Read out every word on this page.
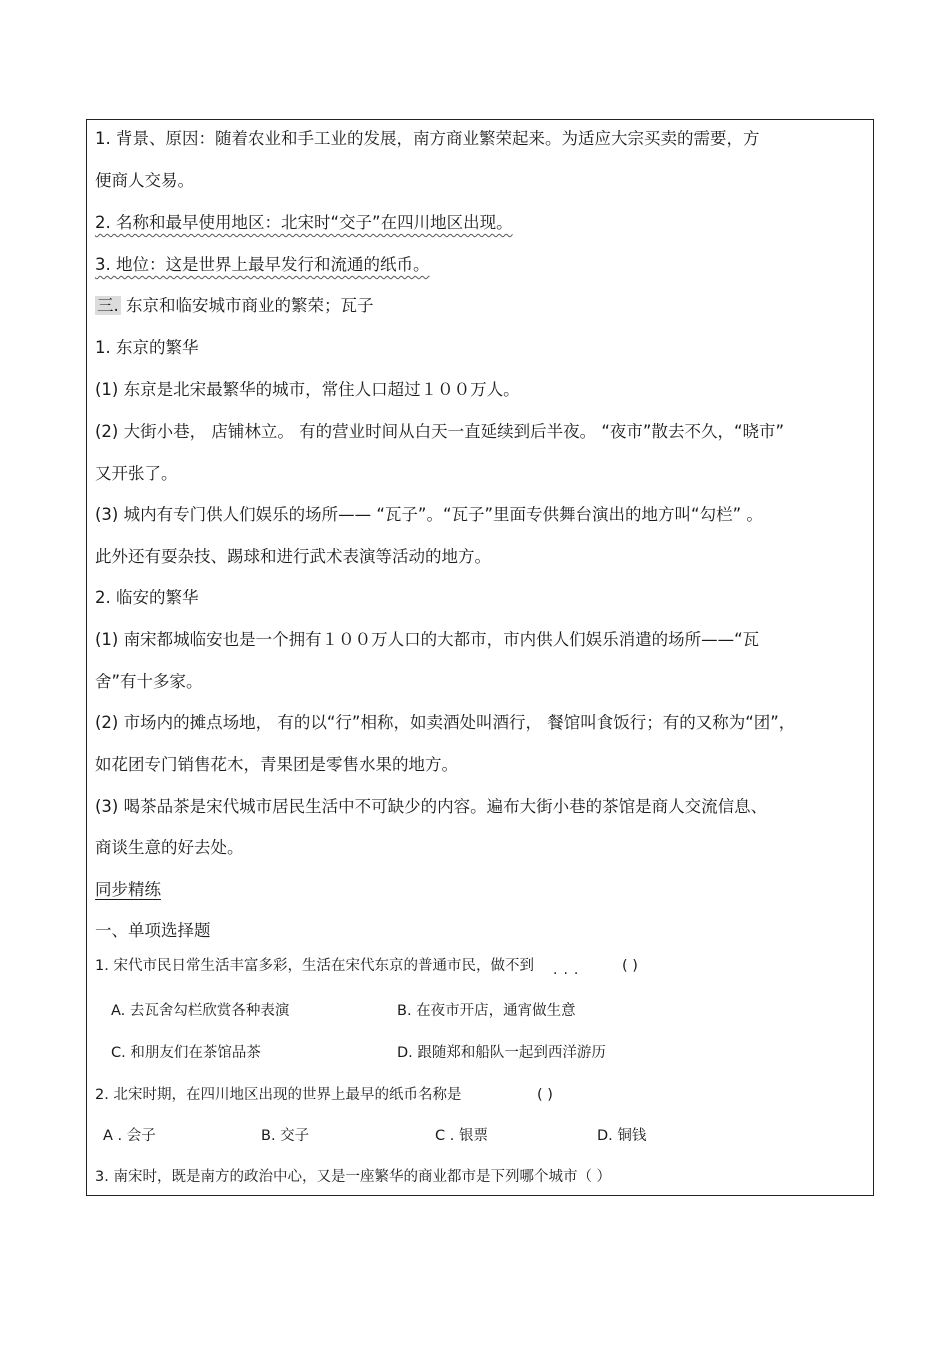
1. 背景、原因：随着农业和手工业的发展，南方商业繁荣起来。为适应大宗买卖的需要，方
便商人交易。
2. 名称和最早使用地区：北宋时“交子”在四川地区出现。
3. 地位：这是世界上最早发行和流通的纸币。
三. 东京和临安城市商业的繁荣；瓦子
1. 东京的繁华
(1) 东京是北宋最繁华的城市，常住人口超过１００万人。
(2) 大街小巷， 店铺林立。 有的营业时间从白天一直延续到后半夜。 “夜市”散去不久，“晓市”
又开张了。
(3) 城内有专门供人们娱乐的场所—— “瓦子”。“瓦子”里面专供舞台演出的地方叫“勾栏” 。
此外还有耍杂技、踢球和进行武术表演等活动的地方。
2. 临安的繁华
(1) 南宋都城临安也是一个拥有１００万人口的大都市，市内供人们娱乐消遣的场所——“瓦
舍”有十多家。
(2) 市场内的摊点场地， 有的以“行”相称，如卖酒处叫酒行， 餐馆叫食饭行；有的又称为“团”，
如花团专门销售花木，青果团是零售水果的地方。
(3) 喝茶品茶是宋代城市居民生活中不可缺少的内容。遍布大街小巷的茶馆是商人交流信息、
商谈生意的好去处。
同步精练
一、单项选择题
1. 宋代市民日常生活丰富多彩，生活在宋代东京的普通市民，做不到 ...	( )
A. 去瓦舍勾栏欣赏各种表演	B. 在夜市开店，通宵做生意
C. 和朋友们在茶馆品茶	D. 跟随郑和船队一起到西洋游历
2. 北宋时期，在四川地区出现的世界上最早的纸币名称是	( )
A . 会子	B. 交子	C . 银票	D. 铜钱
3. 南宋时，既是南方的政治中心，又是一座繁华的商业都市是下列哪个城市（ ）
